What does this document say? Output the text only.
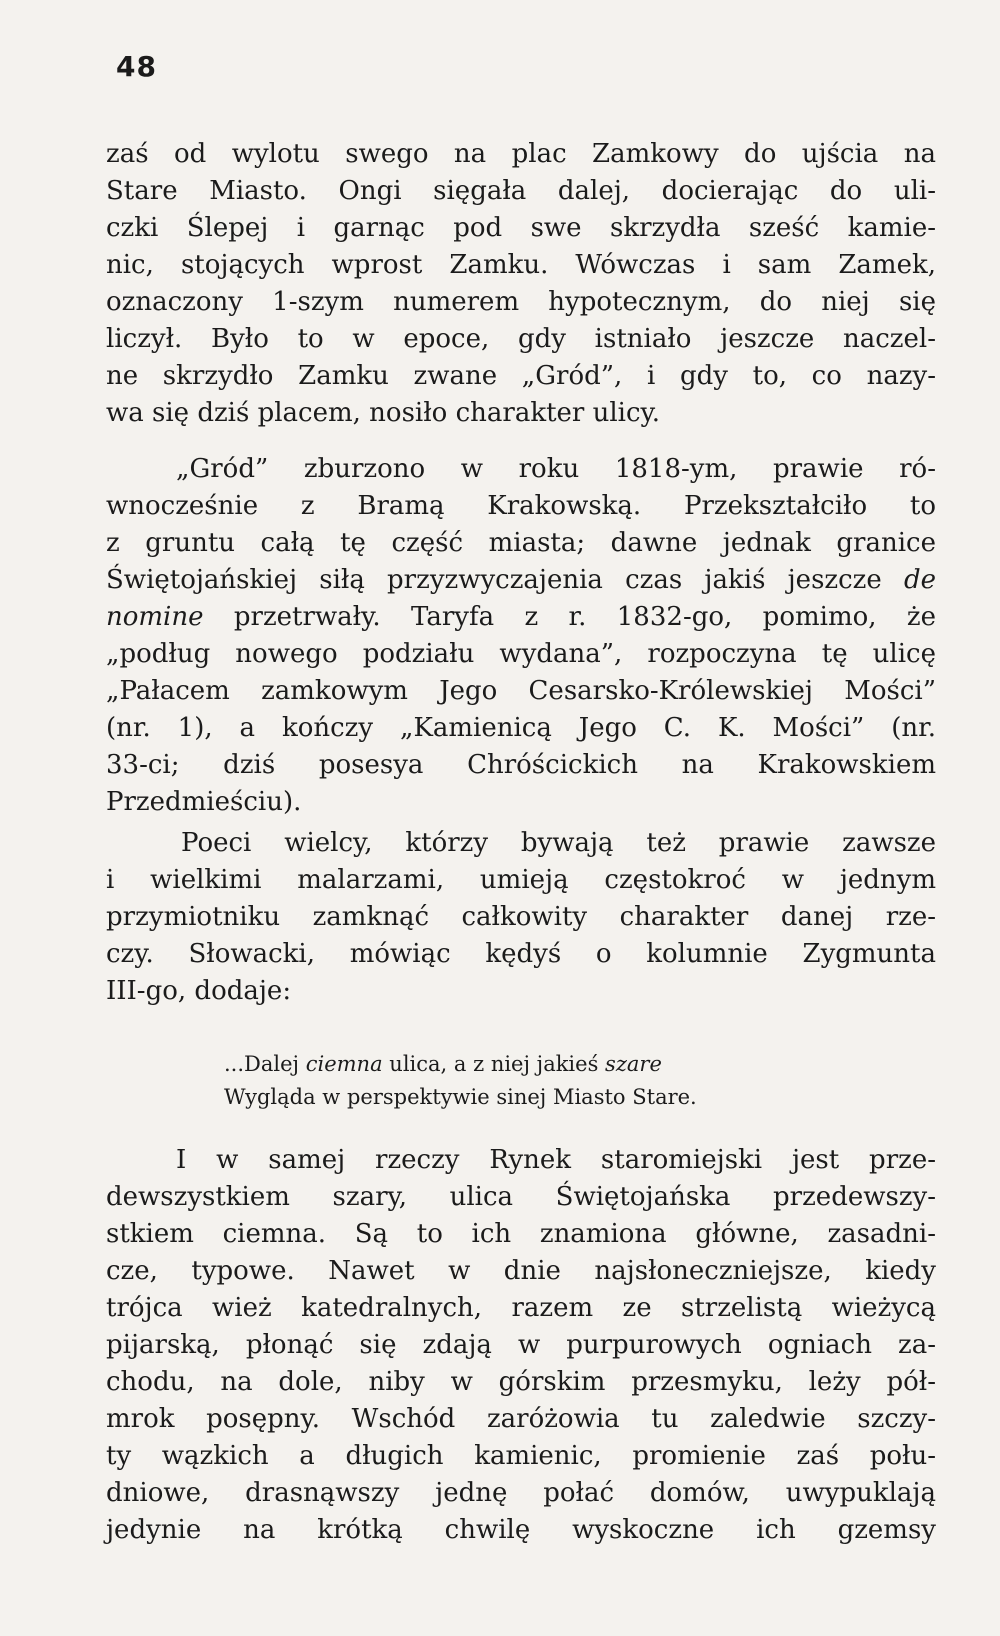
48
zaś od wylotu swego na plac Zamkowy do ujścia na
Stare Miasto. Ongi sięgała dalej, docierając do uli-
czki Ślepej i garnąc pod swe skrzydła sześć kamie-
nic, stojących wprost Zamku. Wówczas i sam Zamek,
oznaczony 1-szym numerem hypotecznym, do niej się
liczył. Było to w epoce, gdy istniało jeszcze naczel-
ne skrzydło Zamku zwane „Gród”, i gdy to, co nazy-
wa się dziś placem, nosiło charakter ulicy.
„Gród” zburzono w roku 1818-ym, prawie ró-
wnocześnie z Bramą Krakowską. Przekształciło to
z gruntu całą tę część miasta; dawne jednak granice
Świętojańskiej siłą przyzwyczajenia czas jakiś jeszcze de
nomine przetrwały. Taryfa z r. 1832-go, pomimo, że
„podług nowego podziału wydana”, rozpoczyna tę ulicę
„Pałacem zamkowym Jego Cesarsko-Królewskiej Mości”
(nr. 1), a kończy „Kamienicą Jego C. K. Mości” (nr.
33-ci; dziś posesya Chróścickich na Krakowskiem
Przedmieściu).
Poeci wielcy, którzy bywają też prawie zawsze
i wielkimi malarzami, umieją częstokroć w jednym
przymiotniku zamknąć całkowity charakter danej rze-
czy. Słowacki, mówiąc kędyś o kolumnie Zygmunta
III-go, dodaje:
...Dalej ciemna ulica, a z niej jakieś szare
Wygląda w perspektywie sinej Miasto Stare.
I w samej rzeczy Rynek staromiejski jest prze-
dewszystkiem szary, ulica Świętojańska przedewszy-
stkiem ciemna. Są to ich znamiona główne, zasadni-
cze, typowe. Nawet w dnie najsłoneczniejsze, kiedy
trójca wież katedralnych, razem ze strzelistą wieżycą
pijarską, płonąć się zdają w purpurowych ogniach za-
chodu, na dole, niby w górskim przesmyku, leży pół-
mrok posępny. Wschód zaróżowia tu zaledwie szczy-
ty wązkich a długich kamienic, promienie zaś połu-
dniowe, drasnąwszy jednę połać domów, uwypuklają
jedynie na krótką chwilę wyskoczne ich gzemsy
